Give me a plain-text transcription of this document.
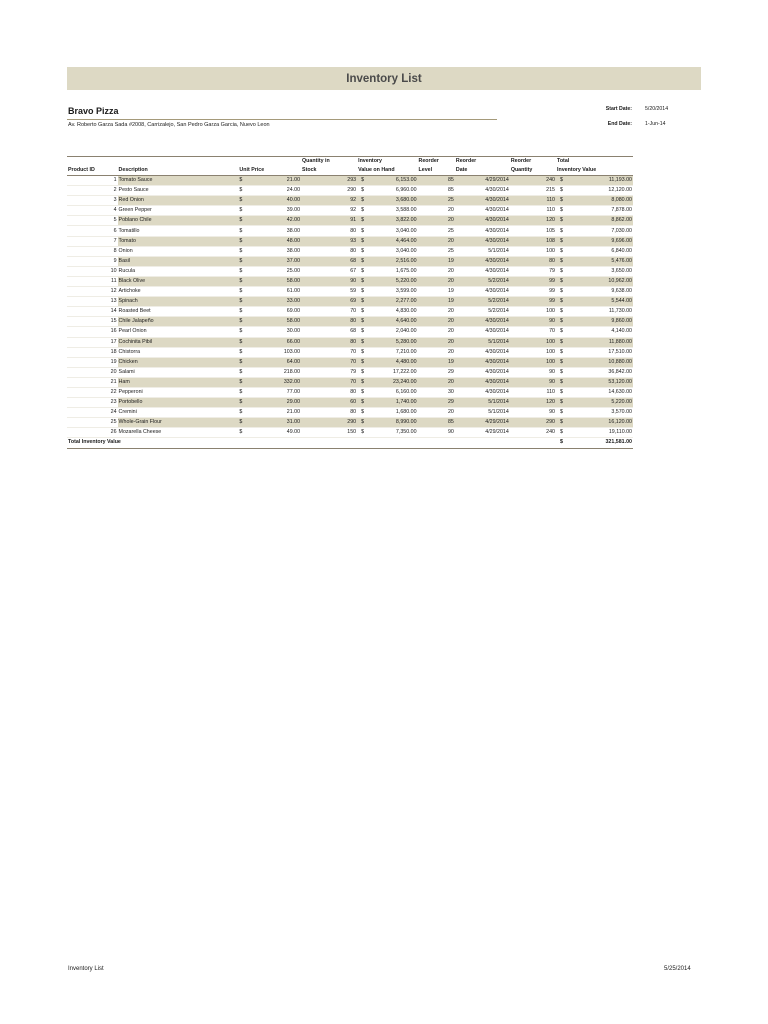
Inventory List
Bravo Pizza
Av. Roberto Garza Sada #2008, Carrizalejo, San Pedro Garza Garcia, Nuevo Leon
Start Date:	5/20/2014
End Date:	1-Jun-14
				Quantity in	Inventory		Reorder	Reorder	Reorder	Total	
Product ID	Description	Unit Price		Stock	Value on Hand		Level	Date	Quantity	Inventory Value	
1	Tomato Sauce	$	21.00	293	$	6,153.00	85	4/29/2014	240	$	11,193.00
2	Pesto Sauce	$	24.00	290	$	6,960.00	85	4/30/2014	215	$	12,120.00
3	Red Onion	$	40.00	92	$	3,680.00	25	4/30/2014	110	$	8,080.00
4	Green Pepper	$	39.00	92	$	3,588.00	20	4/30/2014	110	$	7,878.00
5	Poblano Chile	$	42.00	91	$	3,822.00	20	4/30/2014	120	$	8,862.00
6	Tomatillo	$	38.00	80	$	3,040.00	25	4/30/2014	105	$	7,030.00
7	Tomato	$	48.00	93	$	4,464.00	20	4/30/2014	108	$	9,696.00
8	Onion	$	38.00	80	$	3,040.00	25	5/1/2014	100	$	6,840.00
9	Basil	$	37.00	68	$	2,516.00	19	4/30/2014	80	$	5,476.00
10	Rucula	$	25.00	67	$	1,675.00	20	4/30/2014	79	$	3,650.00
11	Black Olive	$	58.00	90	$	5,220.00	20	5/2/2014	99	$	10,962.00
12	Artichoke	$	61.00	59	$	3,599.00	19	4/30/2014	99	$	9,638.00
13	Spinach	$	33.00	69	$	2,277.00	19	5/2/2014	99	$	5,544.00
14	Roasted Beet	$	69.00	70	$	4,830.00	20	5/2/2014	100	$	11,730.00
15	Chile Jalapeño	$	58.00	80	$	4,640.00	20	4/30/2014	90	$	9,860.00
16	Pearl Onion	$	30.00	68	$	2,040.00	20	4/30/2014	70	$	4,140.00
17	Cochinita Pibil	$	66.00	80	$	5,280.00	20	5/1/2014	100	$	11,880.00
18	Chistorra	$	103.00	70	$	7,210.00	20	4/30/2014	100	$	17,510.00
19	Chicken	$	64.00	70	$	4,480.00	19	4/30/2014	100	$	10,880.00
20	Salami	$	218.00	79	$	17,222.00	29	4/30/2014	90	$	36,842.00
21	Ham	$	332.00	70	$	23,240.00	20	4/30/2014	90	$	53,120.00
22	Pepperoni	$	77.00	80	$	6,160.00	30	4/30/2014	110	$	14,630.00
23	Portobello	$	29.00	60	$	1,740.00	29	5/1/2014	120	$	5,220.00
24	Cremini	$	21.00	80	$	1,680.00	20	5/1/2014	90	$	3,570.00
25	Whole-Grain Flour	$	31.00	290	$	8,990.00	85	4/29/2014	290	$	16,120.00
26	Mozarella Cheese	$	49.00	150	$	7,350.00	90	4/29/2014	240	$	19,110.00
Total Inventory Value										$	321,581.00
Inventory List	5/25/2014
